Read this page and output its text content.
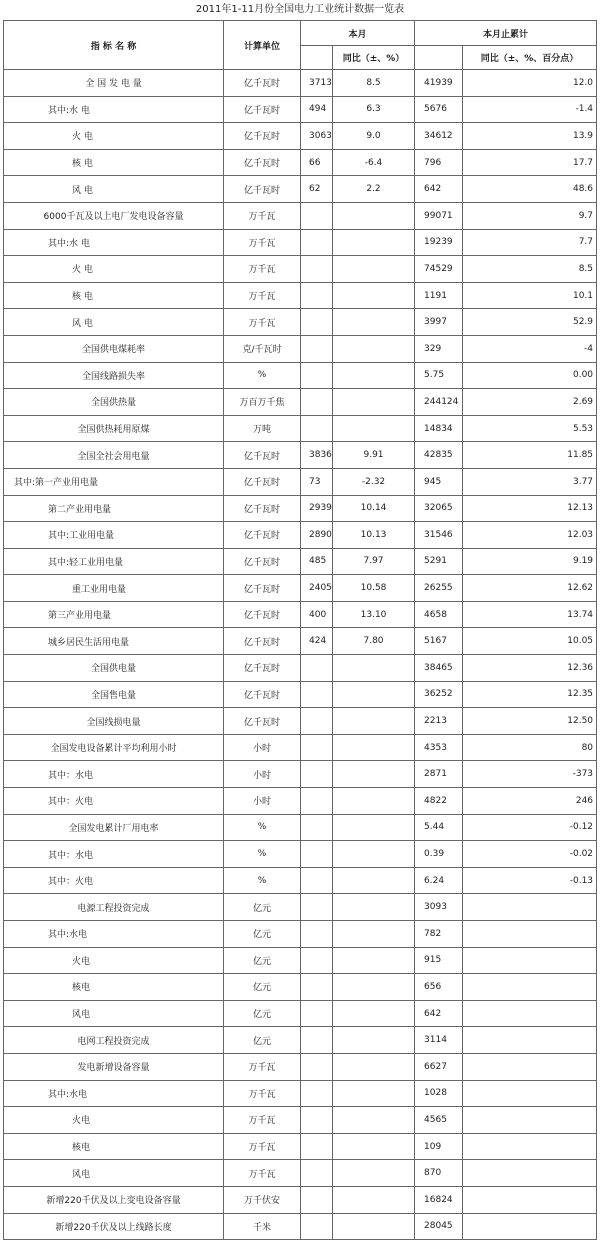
2011年1-11月份全国电力工业统计数据一览表
指 标 名 称	计算单位	本月		本月止累计	
			同比（±、%）		同比（±、%、百分点）
全 国 发 电 量	亿千瓦时	3713	8.5	41939	12.0
其中:水 电	亿千瓦时	494	6.3	5676	-1.4
火 电	亿千瓦时	3063	9.0	34612	13.9
核 电	亿千瓦时	66	-6.4	796	17.7
风 电	亿千瓦时	62	2.2	642	48.6
6000千瓦及以上电厂发电设备容量	万千瓦			99071	9.7
其中:水 电	万千瓦			19239	7.7
火 电	万千瓦			74529	8.5
核 电	万千瓦			1191	10.1
风 电	万千瓦			3997	52.9
全国供电煤耗率	克/千瓦时			329	-4
全国线路损失率	%			5.75	0.00
全国供热量	万百万千焦			244124	2.69
全国供热耗用原煤	万吨			14834	5.53
全国全社会用电量	亿千瓦时	3836	9.91	42835	11.85
其中:第一产业用电量	亿千瓦时	73	-2.32	945	3.77
第二产业用电量	亿千瓦时	2939	10.14	32065	12.13
其中:工业用电量	亿千瓦时	2890	10.13	31546	12.03
其中:轻工业用电量	亿千瓦时	485	7.97	5291	9.19
重工业用电量	亿千瓦时	2405	10.58	26255	12.62
第三产业用电量	亿千瓦时	400	13.10	4658	13.74
城乡居民生活用电量	亿千瓦时	424	7.80	5167	10.05
全国供电量	亿千瓦时			38465	12.36
全国售电量	亿千瓦时			36252	12.35
全国线损电量	亿千瓦时			2213	12.50
全国发电设备累计平均利用小时	小时			4353	80
其中：水电	小时			2871	-373
其中：火电	小时			4822	246
全国发电累计厂用电率	%			5.44	-0.12
其中：水电	%			0.39	-0.02
其中：火电	%			6.24	-0.13
电源工程投资完成	亿元			3093	
其中:水电	亿元			782	
火电	亿元			915	
核电	亿元			656	
风电	亿元			642	
电网工程投资完成	亿元			3114	
发电新增设备容量	万千瓦			6627	
其中:水电	万千瓦			1028	
火电	万千瓦			4565	
核电	万千瓦			109	
风电	万千瓦			870	
新增220千伏及以上变电设备容量	万千伏安			16824	
新增220千伏及以上线路长度	千米			28045	
